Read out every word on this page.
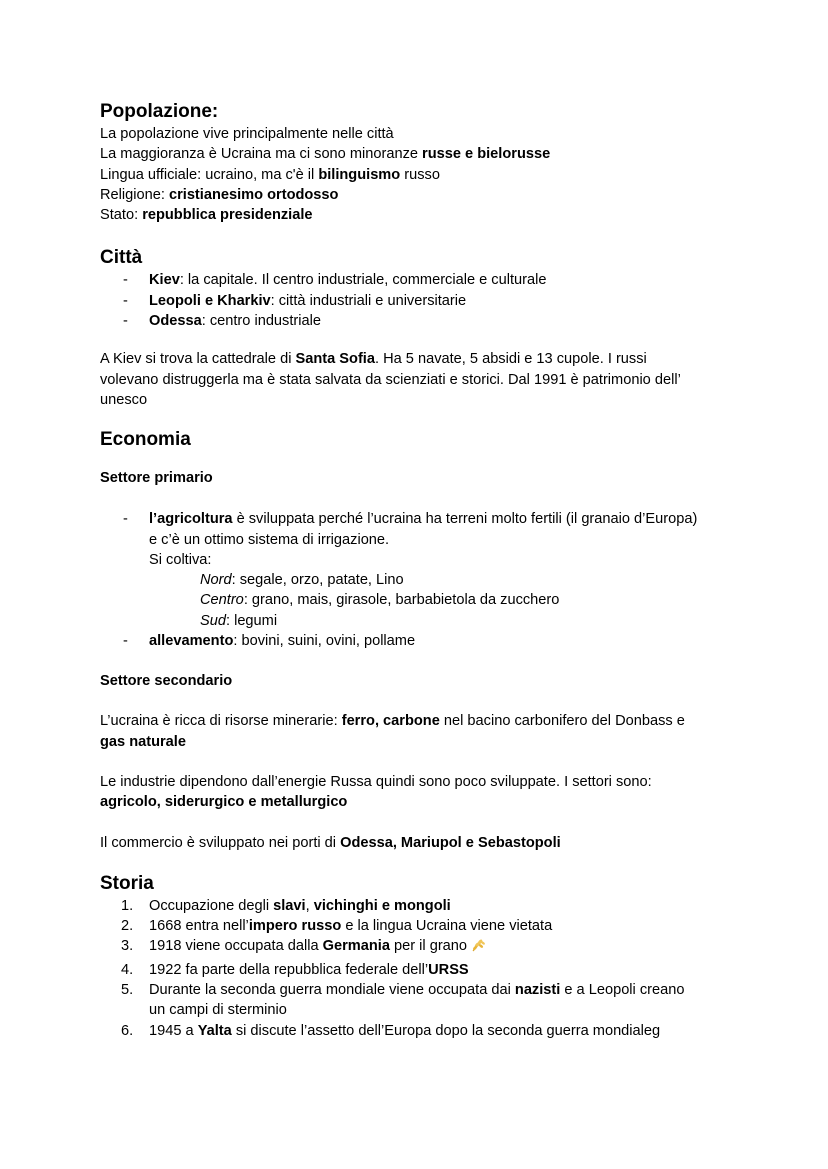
Popolazione:
La popolazione vive principalmente nelle città
La maggioranza è Ucraina ma ci sono minoranze russe e bielorusse
Lingua ufficiale: ucraino, ma c'è il bilinguismo russo
Religione: cristianesimo ortodosso
Stato: repubblica presidenziale
Città
- Kiev: la capitale. Il centro industriale, commerciale e culturale
- Leopoli e Kharkiv: città industriali e universitarie
- Odessa: centro industriale
A Kiev si trova la cattedrale di Santa Sofia. Ha 5 navate, 5 absidi e 13 cupole. I russi
volevano distruggerla ma è stata salvata da scienziati e storici. Dal 1991 è patrimonio dell’
unesco
Economia
Settore primario
- l’agricoltura è sviluppata perché l’ucraina ha terreni molto fertili (il granaio d’Europa)
e c’è un ottimo sistema di irrigazione.
Si coltiva:
Nord: segale, orzo, patate, Lino
Centro: grano, mais, girasole, barbabietola da zucchero
Sud: legumi
- allevamento: bovini, suini, ovini, pollame
Settore secondario
L’ucraina è ricca di risorse minerarie: ferro, carbone nel bacino carbonifero del Donbass e
gas naturale
Le industrie dipendono dall’energie Russa quindi sono poco sviluppate. I settori sono:
agricolo, siderurgico e metallurgico
Il commercio è sviluppato nei porti di Odessa, Mariupol e Sebastopoli
Storia
1. Occupazione degli slavi, vichinghi e mongoli
2. 1668 entra nell’impero russo e la lingua Ucraina viene vietata
3. 1918 viene occupata dalla Germania per il grano
4. 1922 fa parte della repubblica federale dell’URSS
5. Durante la seconda guerra mondiale viene occupata dai nazisti e a Leopoli creano
un campi di sterminio
6. 1945 a Yalta si discute l’assetto dell’Europa dopo la seconda guerra mondialeg
